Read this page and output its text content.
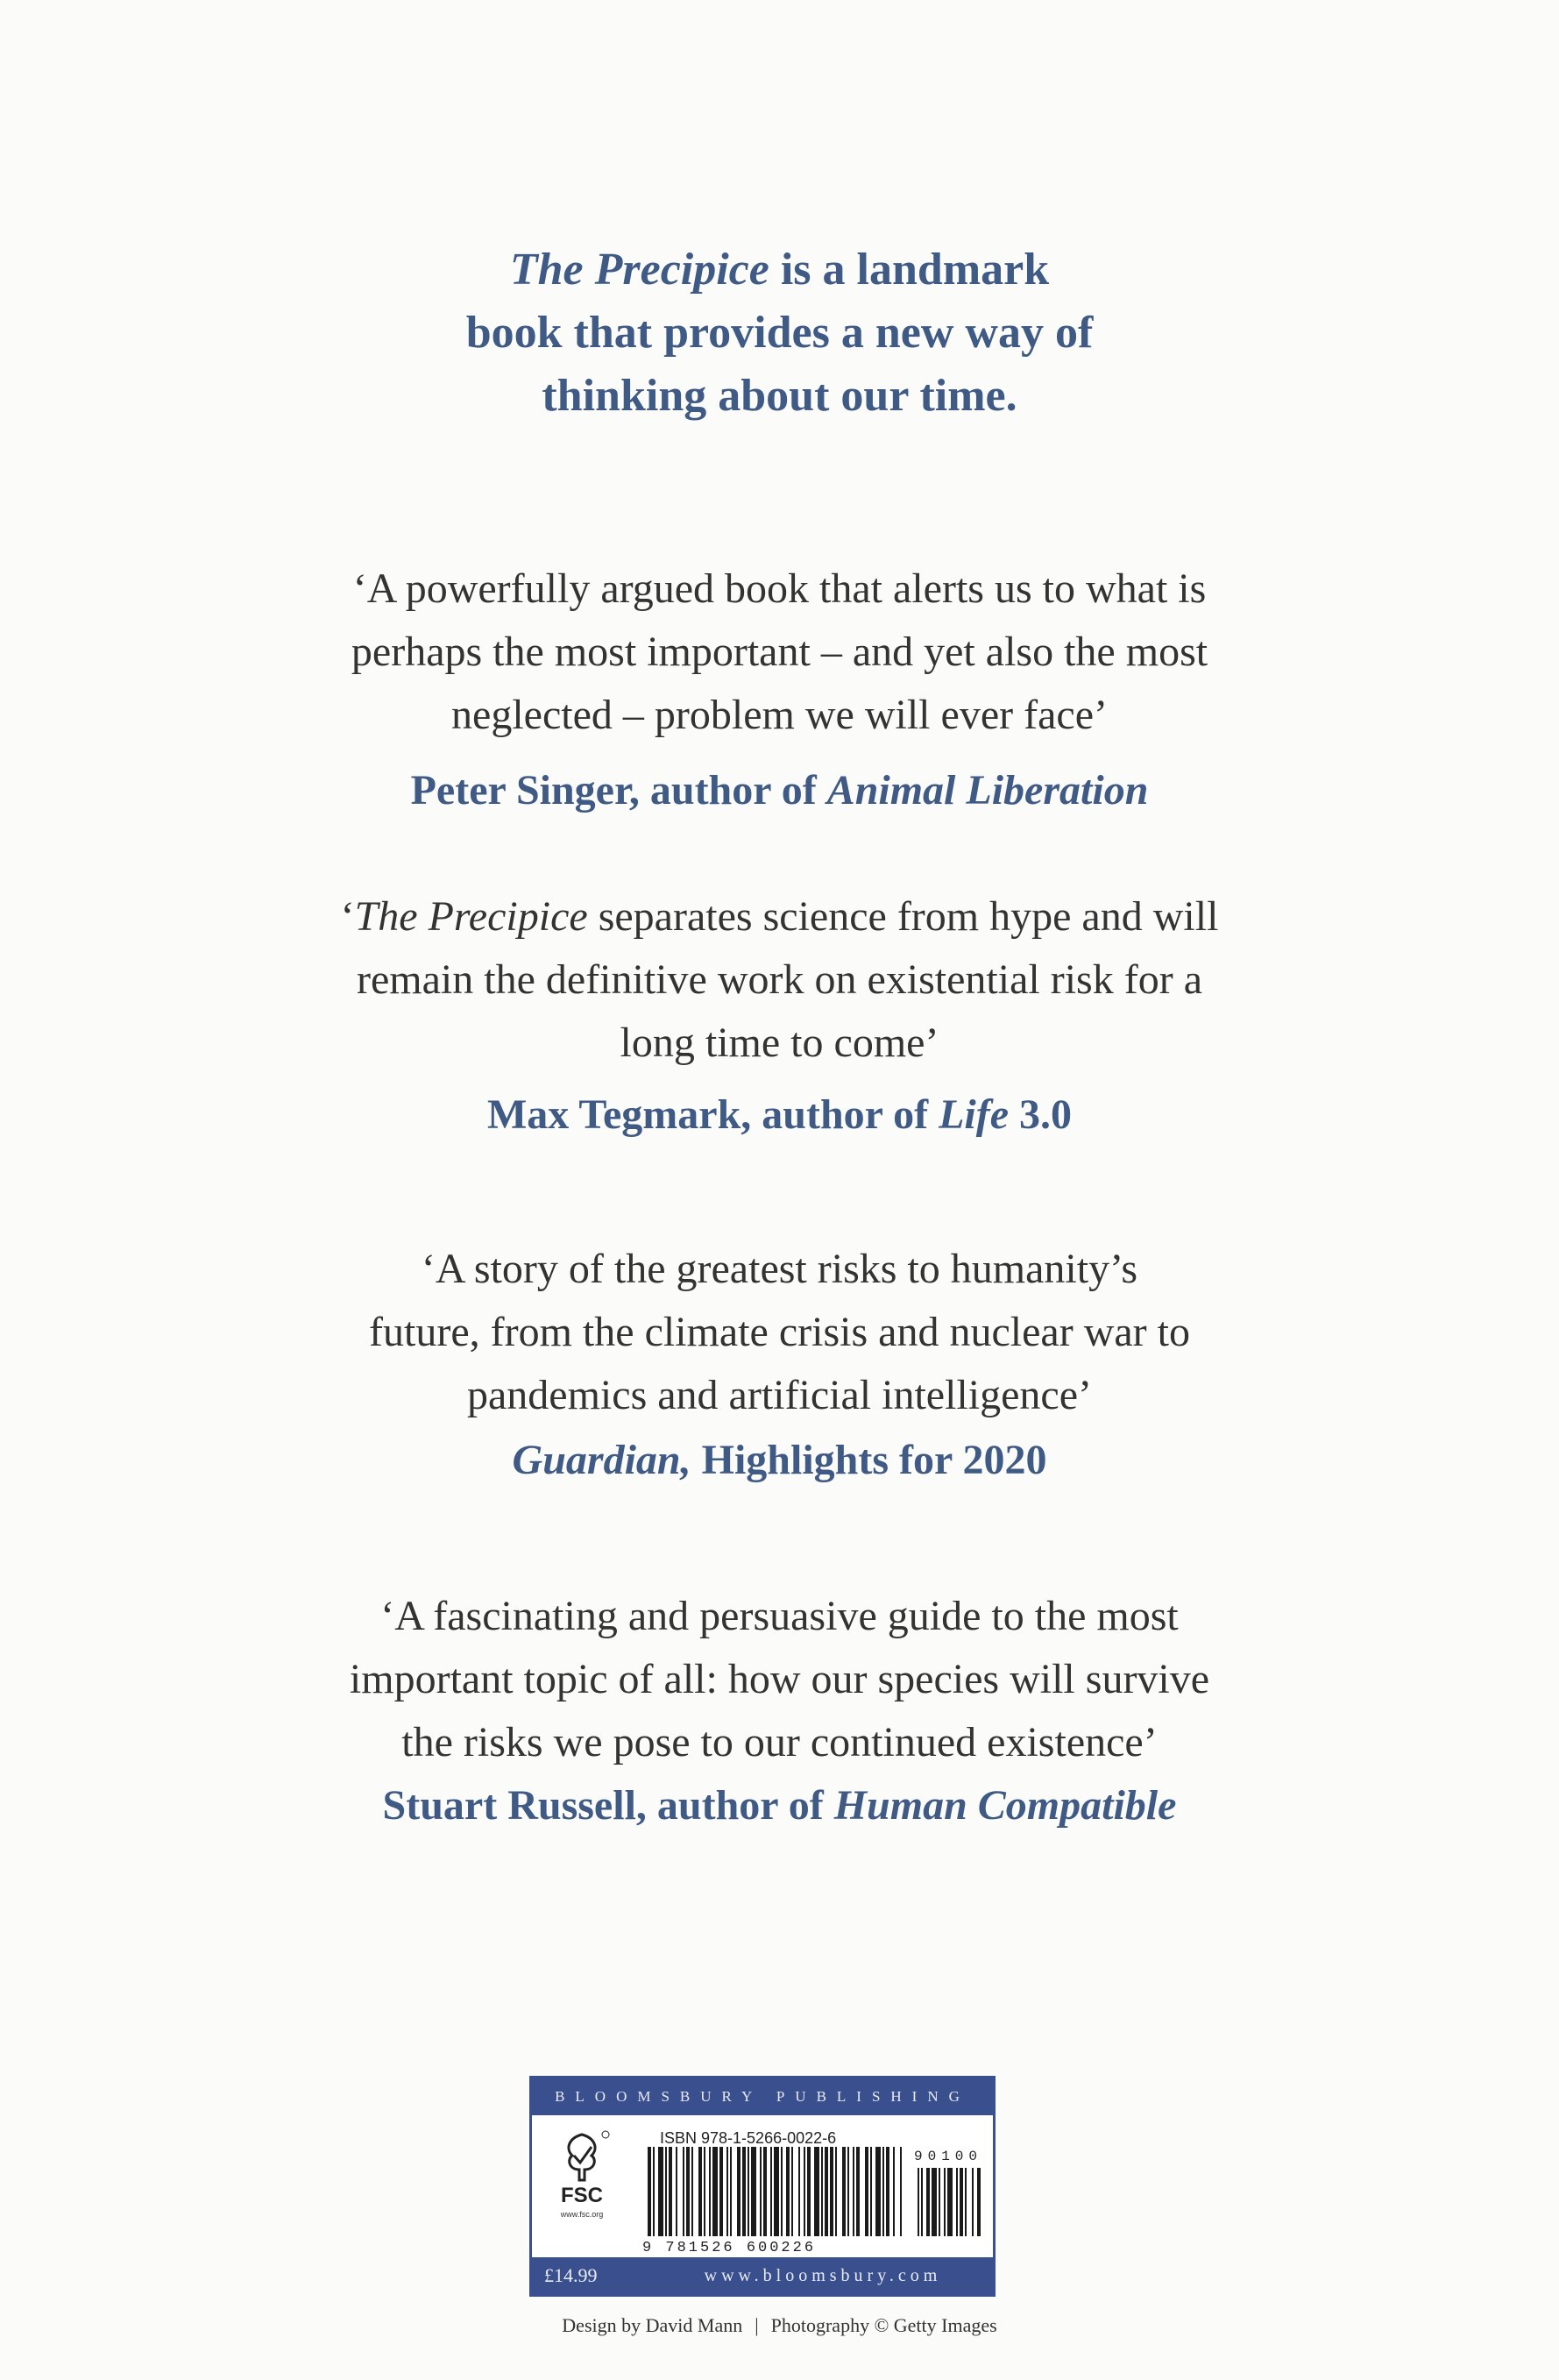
The Precipice is a landmark
book that provides a new way of
thinking about our time.
‘A powerfully argued book that alerts us to what is
perhaps the most important – and yet also the most
neglected – problem we will ever face’
Peter Singer, author of Animal Liberation
‘The Precipice separates science from hype and will
remain the definitive work on existential risk for a
long time to come’
Max Tegmark, author of Life 3.0
‘A story of the greatest risks to humanity’s
future, from the climate crisis and nuclear war to
pandemics and artificial intelligence’
Guardian, Highlights for 2020
‘A fascinating and persuasive guide to the most
important topic of all: how our species will survive
the risks we pose to our continued existence’
Stuart Russell, author of Human Compatible
BLOOMSBURY PUBLISHING
FSC
www.fsc.org
ISBN 978-1-5266-0022-6
90100
9 781526 600226
£14.99	www.bloomsbury.com
Design by David Mann | Photography © Getty Images
